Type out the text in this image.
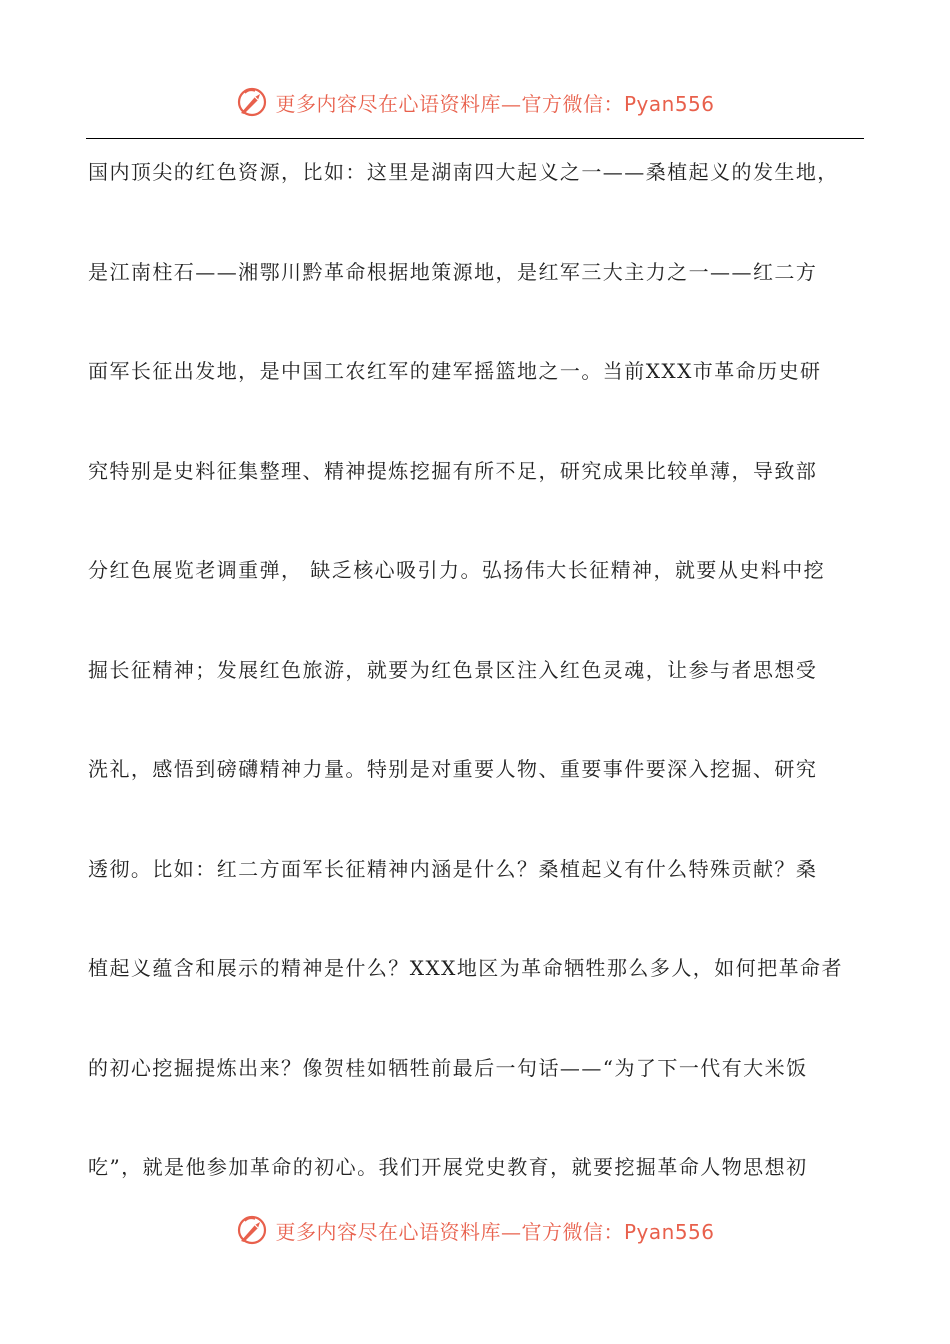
更多内容尽在心语资料库—官方微信：Pyan556
国内顶尖的红色资源，比如：这里是湖南四大起义之一——桑植起义的发生地，
是江南柱石——湘鄂川黔革命根据地策源地，是红军三大主力之一——红二方
面军长征出发地，是中国工农红军的建军摇篮地之一。当前XXX市革命历史研
究特别是史料征集整理、精神提炼挖掘有所不足，研究成果比较单薄，导致部
分红色展览老调重弹， 缺乏核心吸引力。弘扬伟大长征精神，就要从史料中挖
掘长征精神；发展红色旅游，就要为红色景区注入红色灵魂，让参与者思想受
洗礼，感悟到磅礴精神力量。特别是对重要人物、重要事件要深入挖掘、研究
透彻。比如：红二方面军长征精神内涵是什么？桑植起义有什么特殊贡献？桑
植起义蕴含和展示的精神是什么？XXX地区为革命牺牲那么多人，如何把革命者
的初心挖掘提炼出来？像贺桂如牺牲前最后一句话——“为了下一代有大米饭
吃”，就是他参加革命的初心。我们开展党史教育，就要挖掘革命人物思想初
更多内容尽在心语资料库—官方微信：Pyan556
